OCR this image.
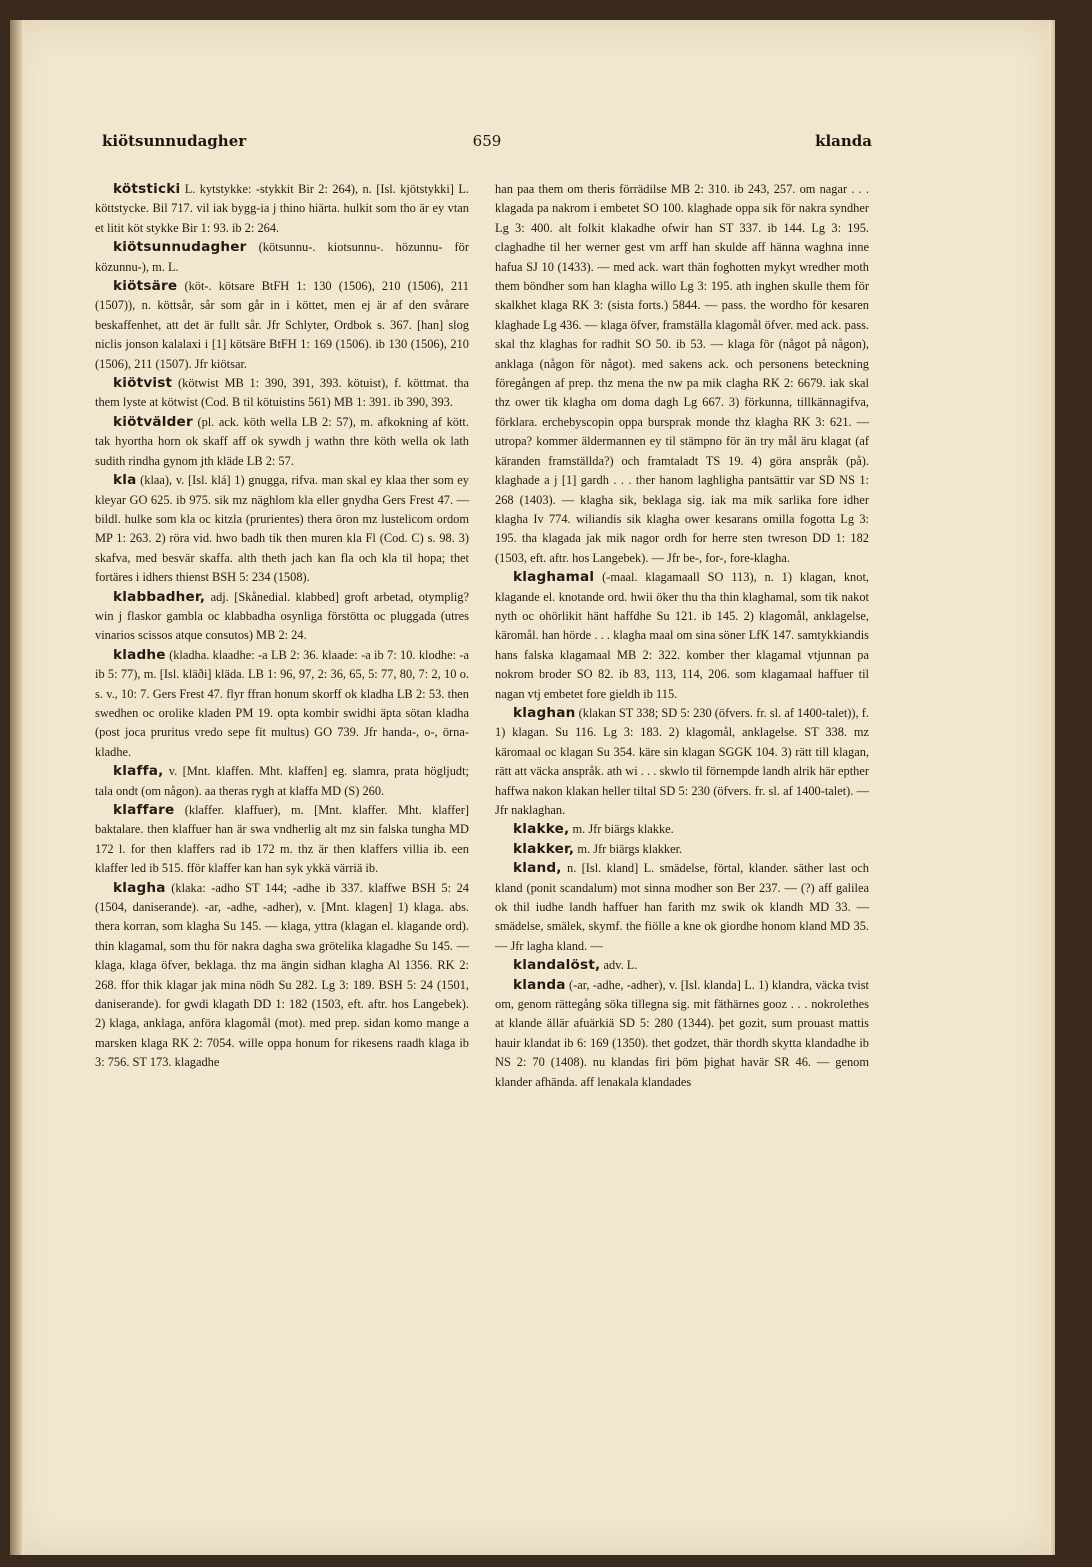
kiötsunnudagher	659	klanda

kötsticki L. kytstykke: -stykkit Bir 2: 264), n. [Isl. kjötstykki] L. köttstycke. Bil 717. vil iak bygg-ia j thino hiärta. hulkit som tho är ey vtan et litit köt stykke Bir 1: 93. ib 2: 264.

kiötsunnudagher (kötsunnu-. kiotsunnu-. hözunnu- för közunnu-), m. L.

kiötsäre (köt-. kötsare BtFH 1: 130 (1506), 210 (1506), 211 (1507)), n. köttsår, sår som går in i köttet, men ej är af den svårare beskaffenhet, att det är fullt sår. Jfr Schlyter, Ordbok s. 367. [han] slog niclis jonson kalalaxi i [1] kötsäre BtFH 1: 169 (1506). ib 130 (1506), 210 (1506), 211 (1507). Jfr kiötsar.

kiötvist (kötwist MB 1: 390, 391, 393. kötuist), f. köttmat. tha them lyste at kötwist (Cod. B til kötuistins 561) MB 1: 391. ib 390, 393.

kiötvälder (pl. ack. köth wella LB 2: 57), m. afkokning af kött. tak hyortha horn ok skaff aff ok sywdh j wathn thre köth wella ok lath sudith rindha gynom jth kläde LB 2: 57.

kla (klaa), v. [Isl. klá] 1) gnugga, rifva. man skal ey klaa ther som ey kleyar GO 625. ib 975. sik mz näghlom kla eller gnydha Gers Frest 47. — bildl. hulke som kla oc kitzla (prurientes) thera öron mz lustelicom ordom MP 1: 263. 2) röra vid. hwo badh tik then muren kla Fl (Cod. C) s. 98. 3) skafva, med besvär skaffa. alth theth jach kan fla och kla til hopa; thet fortäres i idhers thienst BSH 5: 234 (1508).

klabbadher, adj. [Skånedial. klabbed] groft arbetad, otymplig? win j flaskor gambla oc klabbadha osynliga förstötta oc pluggada (utres vinarios scissos atque consutos) MB 2: 24.

kladhe (kladha. klaadhe: -a LB 2: 36. klaade: -a ib 7: 10. klodhe: -a ib 5: 77), m. [Isl. kläði] kläda. LB 1: 96, 97, 2: 36, 65, 5: 77, 80, 7: 2, 10 o. s. v., 10: 7. Gers Frest 47. flyr ffran honum skorff ok kladha LB 2: 53. then swedhen oc orolike kladen PM 19. opta kombir swidhi äpta sötan kladha (post joca pruritus vredo sepe fit multus) GO 739. Jfr handa-, o-, örna-kladhe.

klaffa, v. [Mnt. klaffen. Mht. klaffen] eg. slamra, prata högljudt; tala ondt (om någon). aa theras rygh at klaffa MD (S) 260.

klaffare (klaffer. klaffuer), m. [Mnt. klaffer. Mht. klaffer] baktalare. then klaffuer han är swa vndherlig alt mz sin falska tungha MD 172 l. for then klaffers rad ib 172 m. thz är then klaffers villia ib. een klaffer led ib 515. fför klaffer kan han syk ykkä värriä ib.

klagha (klaka: -adho ST 144; -adhe ib 337. klaffwe BSH 5: 24 (1504, daniserande). -ar, -adhe, -adher), v. [Mnt. klagen] 1) klaga. abs. thera korran, som klagha Su 145. — klaga, yttra (klagan el. klagande ord). thin klagamal, som thu för nakra dagha swa grötelika klagadhe Su 145. — klaga, klaga öfver, beklaga. thz ma ängin sidhan klagha Al 1356. RK 2: 268. ffor thik klagar jak mina nödh Su 282. Lg 3: 189. BSH 5: 24 (1501, daniserande). for gwdi klagath DD 1: 182 (1503, eft. aftr. hos Langebek). 2) klaga, anklaga, anföra klagomål (mot). med prep. sidan komo mange a marsken klaga RK 2: 7054. wille oppa honum for rikesens raadh klaga ib 3: 756. ST 173. klagadhe

han paa them om theris förrädilse MB 2: 310. ib 243, 257. om nagar . . . klagada pa nakrom i embetet SO 100. klaghade oppa sik för nakra syndher Lg 3: 400. alt folkit klakadhe ofwir han ST 337. ib 144. Lg 3: 195. claghadhe til her werner gest vm arff han skulde aff hänna waghna inne hafua SJ 10 (1433). — med ack. wart thän foghotten mykyt wredher moth them böndher som han klagha willo Lg 3: 195. ath inghen skulle them för skalkhet klaga RK 3: (sista forts.) 5844. — pass. the wordho för kesaren klaghade Lg 436. — klaga öfver, framställa klagomål öfver. med ack. pass. skal thz klaghas for radhit SO 50. ib 53. — klaga för (något på någon), anklaga (någon för något). med sakens ack. och personens beteckning föregången af prep. thz mena the nw pa mik clagha RK 2: 6679. iak skal thz ower tik klagha om doma dagh Lg 667. 3) förkunna, tillkännagifva, förklara. erchebyscopin oppa bursprak monde thz klagha RK 3: 621. — utropa? kommer äldermannen ey til stämpno för än try mål äru klagat (af käranden framställda?) och framtaladt TS 19. 4) göra anspråk (på). klaghade a j [1] gardh . . . ther hanom laghligha pantsättir var SD NS 1: 268 (1403). — klagha sik, beklaga sig. iak ma mik sarlika fore idher klagha Iv 774. wiliandis sik klagha ower kesarans omilla fogotta Lg 3: 195. tha klagada jak mik nagor ordh for herre sten twreson DD 1: 182 (1503, eft. aftr. hos Langebek). — Jfr be-, for-, fore-klagha.

klaghamal (-maal. klagamaall SO 113), n. 1) klagan, knot, klagande el. knotande ord. hwii öker thu tha thin klaghamal, som tik nakot nyth oc ohörlikit hänt haffdhe Su 121. ib 145. 2) klagomål, anklagelse, käromål. han hörde . . . klagha maal om sina söner LfK 147. samtykkiandis hans falska klagamaal MB 2: 322. komber ther klagamal vtjunnan pa nokrom broder SO 82. ib 83, 113, 114, 206. som klagamaal haffuer til nagan vtj embetet fore gieldh ib 115.

klaghan (klakan ST 338; SD 5: 230 (öfvers. fr. sl. af 1400-talet)), f. 1) klagan. Su 116. Lg 3: 183. 2) klagomål, anklagelse. ST 338. mz käromaal oc klagan Su 354. käre sin klagan SGGK 104. 3) rätt till klagan, rätt att väcka anspråk. ath wi . . . skwlo til förnempde landh alrik här epther haffwa nakon klakan heller tiltal SD 5: 230 (öfvers. fr. sl. af 1400-talet). — Jfr naklaghan.

klakke, m. Jfr biärgs klakke.

klakker, m. Jfr biärgs klakker.

kland, n. [Isl. kland] L. smädelse, förtal, klander. säther last och kland (ponit scandalum) mot sinna modher son Ber 237. — (?) aff galilea ok thil iudhe landh haffuer han farith mz swik ok klandh MD 33. — smädelse, smälek, skymf. the fiölle a kne ok giordhe honom kland MD 35. — Jfr lagha kland. —

klandalöst, adv. L.

klanda (-ar, -adhe, -adher), v. [Isl. klanda] L. 1) klandra, väcka tvist om, genom rättegång söka tillegna sig. mit fäthärnes gooz . . . nokrolethes at klande ällär afuärkiä SD 5: 280 (1344). þet gozit, sum prouast mattis hauir klandat ib 6: 169 (1350). thet godzet, thär thordh skytta klandadhe ib NS 2: 70 (1408). nu klandas firi þöm þighat havär SR 46. — genom klander afhända. aff lenakala klandades
